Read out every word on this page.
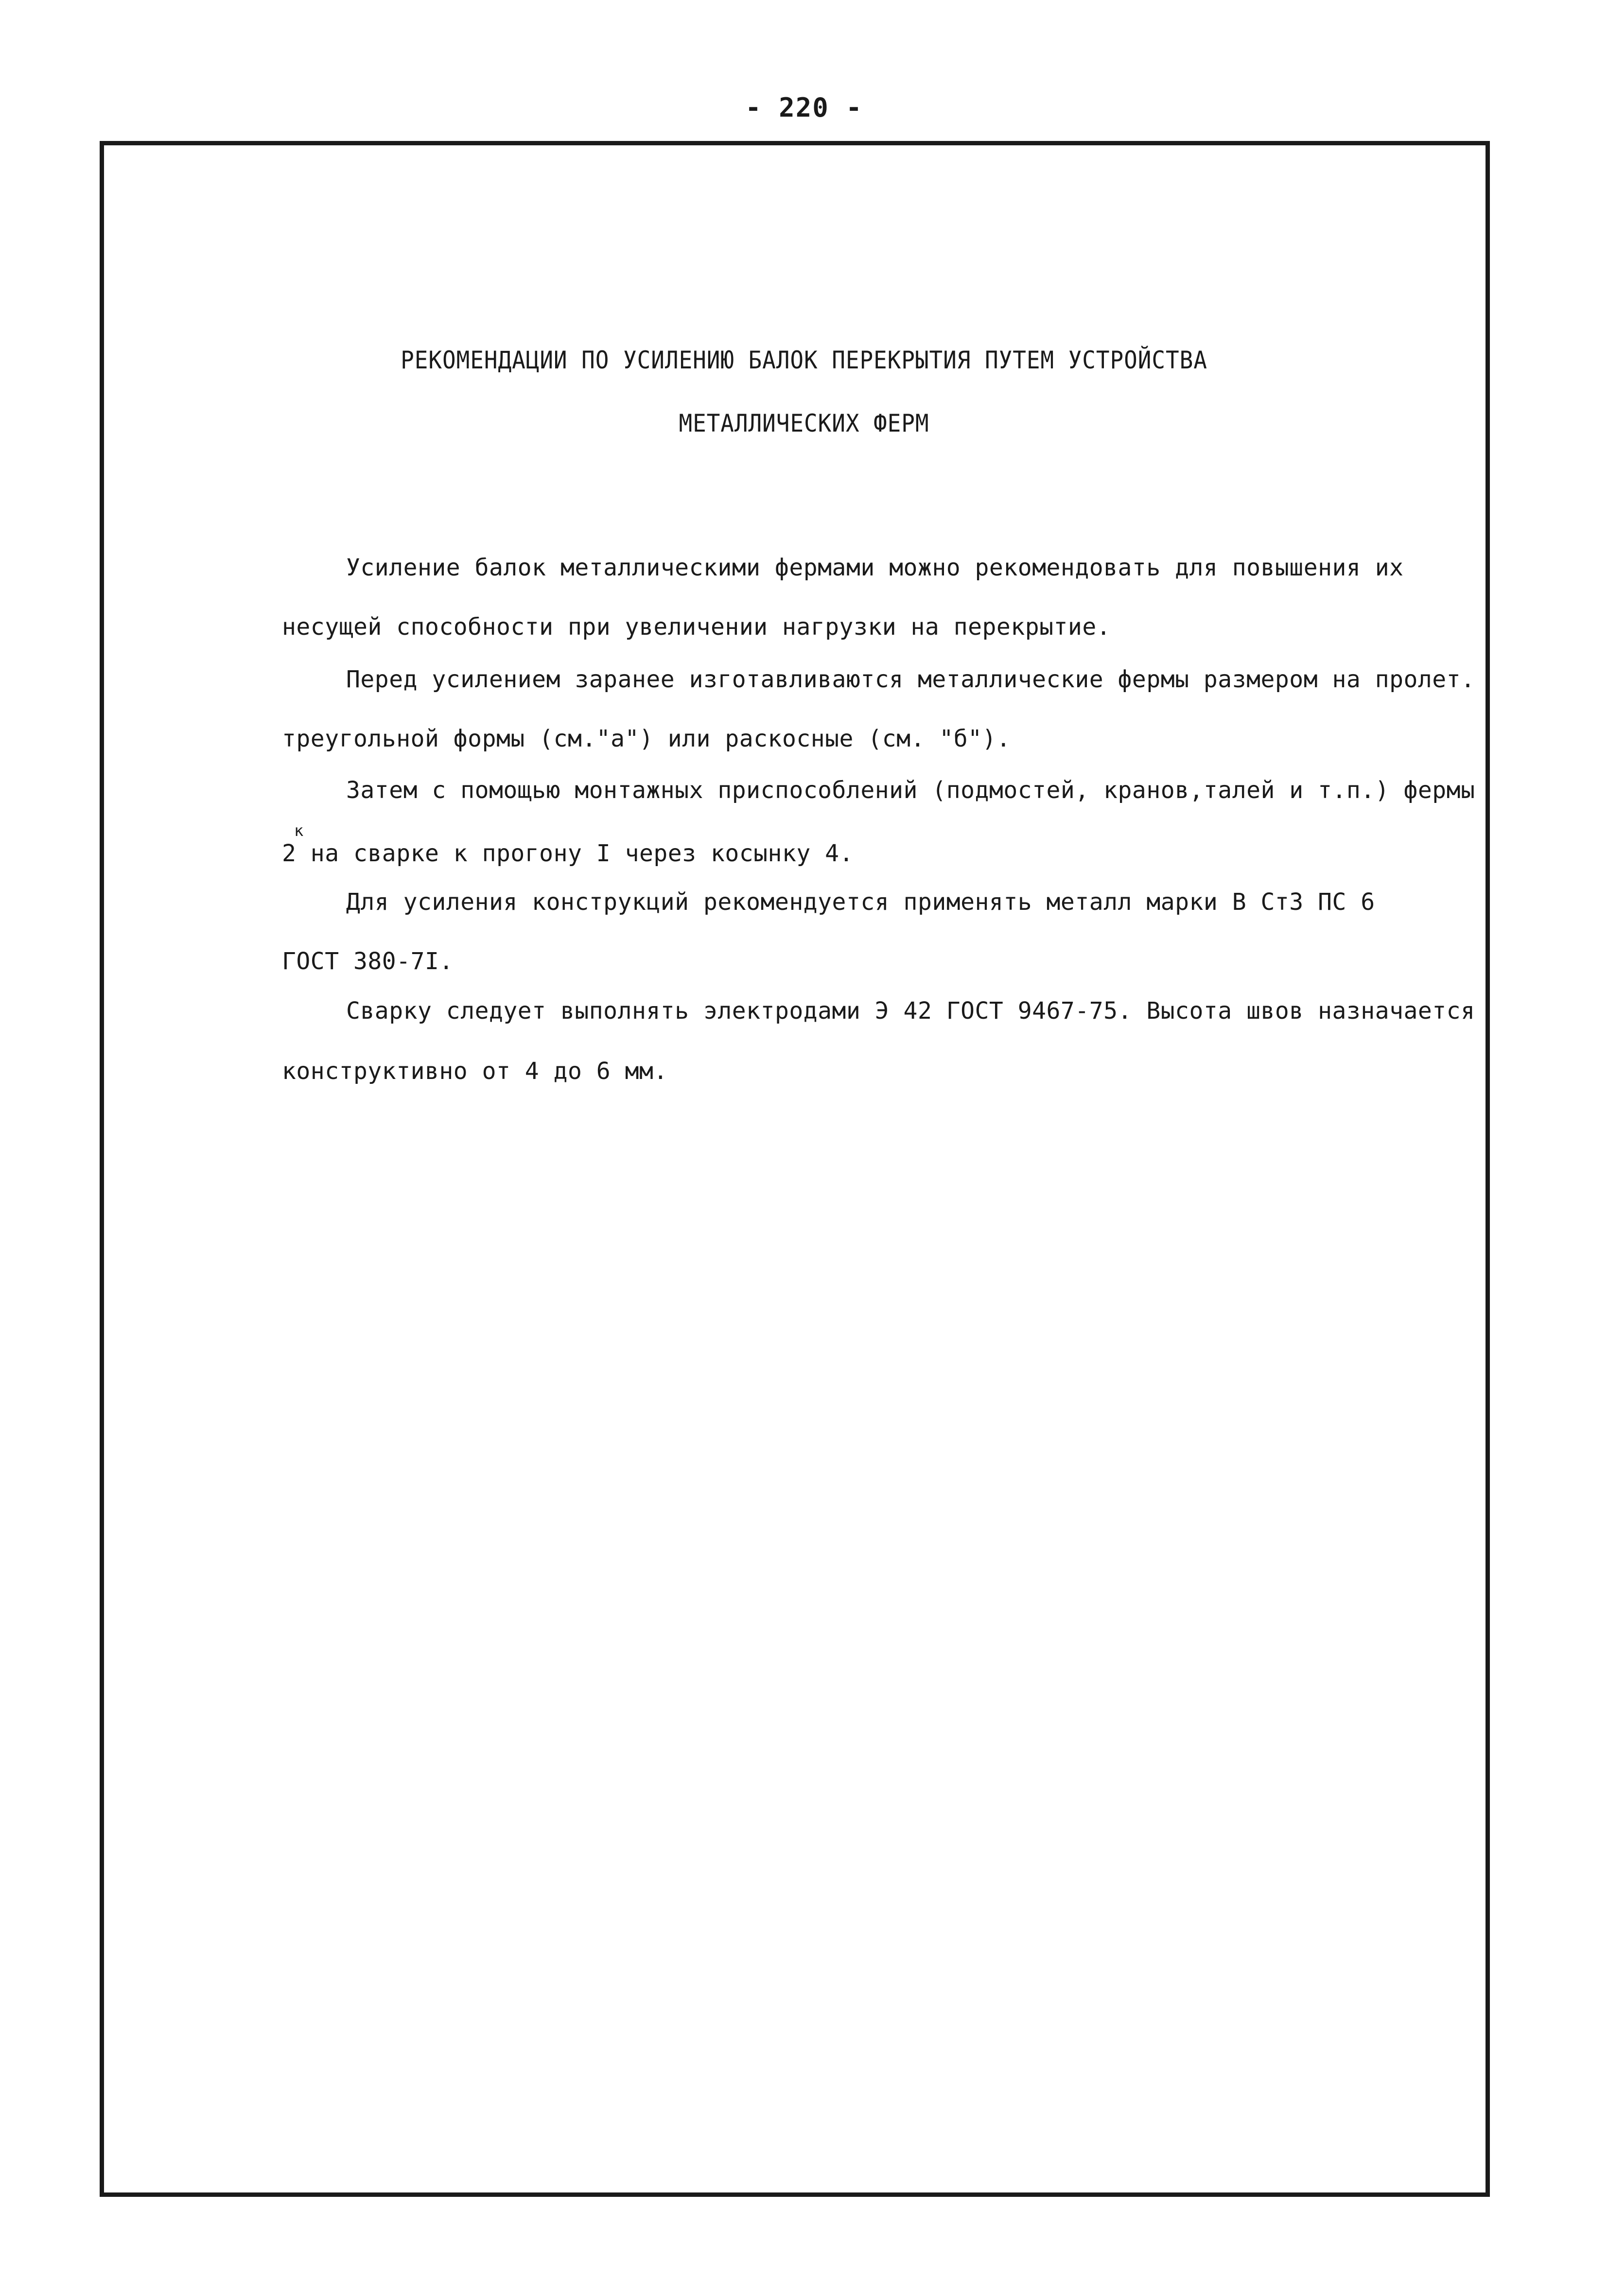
- 220 -
РЕКОМЕНДАЦИИ ПО УСИЛЕНИЮ БАЛОК ПЕРЕКРЫТИЯ ПУТЕМ УСТРОЙСТВА
МЕТАЛЛИЧЕСКИХ ФЕРМ
Усиление балок металлическими фермами можно рекомендовать для повышения их
несущей способности при увеличении нагрузки на перекрытие.
Перед усилением заранее изготавливаются металлические фермы размером на пролет.
треугольной формы (см."а") или раскосные (см. "б").
Затем с помощью монтажных приспособлений (подмостей, кранов,талей и т.п.) фермы
к
2 на сварке к прогону I через косынку 4.
Для усиления конструкций рекомендуется применять металл марки В Ст3 ПС 6
ГОСТ 380-7I.
Сварку следует выполнять электродами Э 42 ГОСТ 9467-75. Высота швов назначается
конструктивно от 4 до 6 мм.
